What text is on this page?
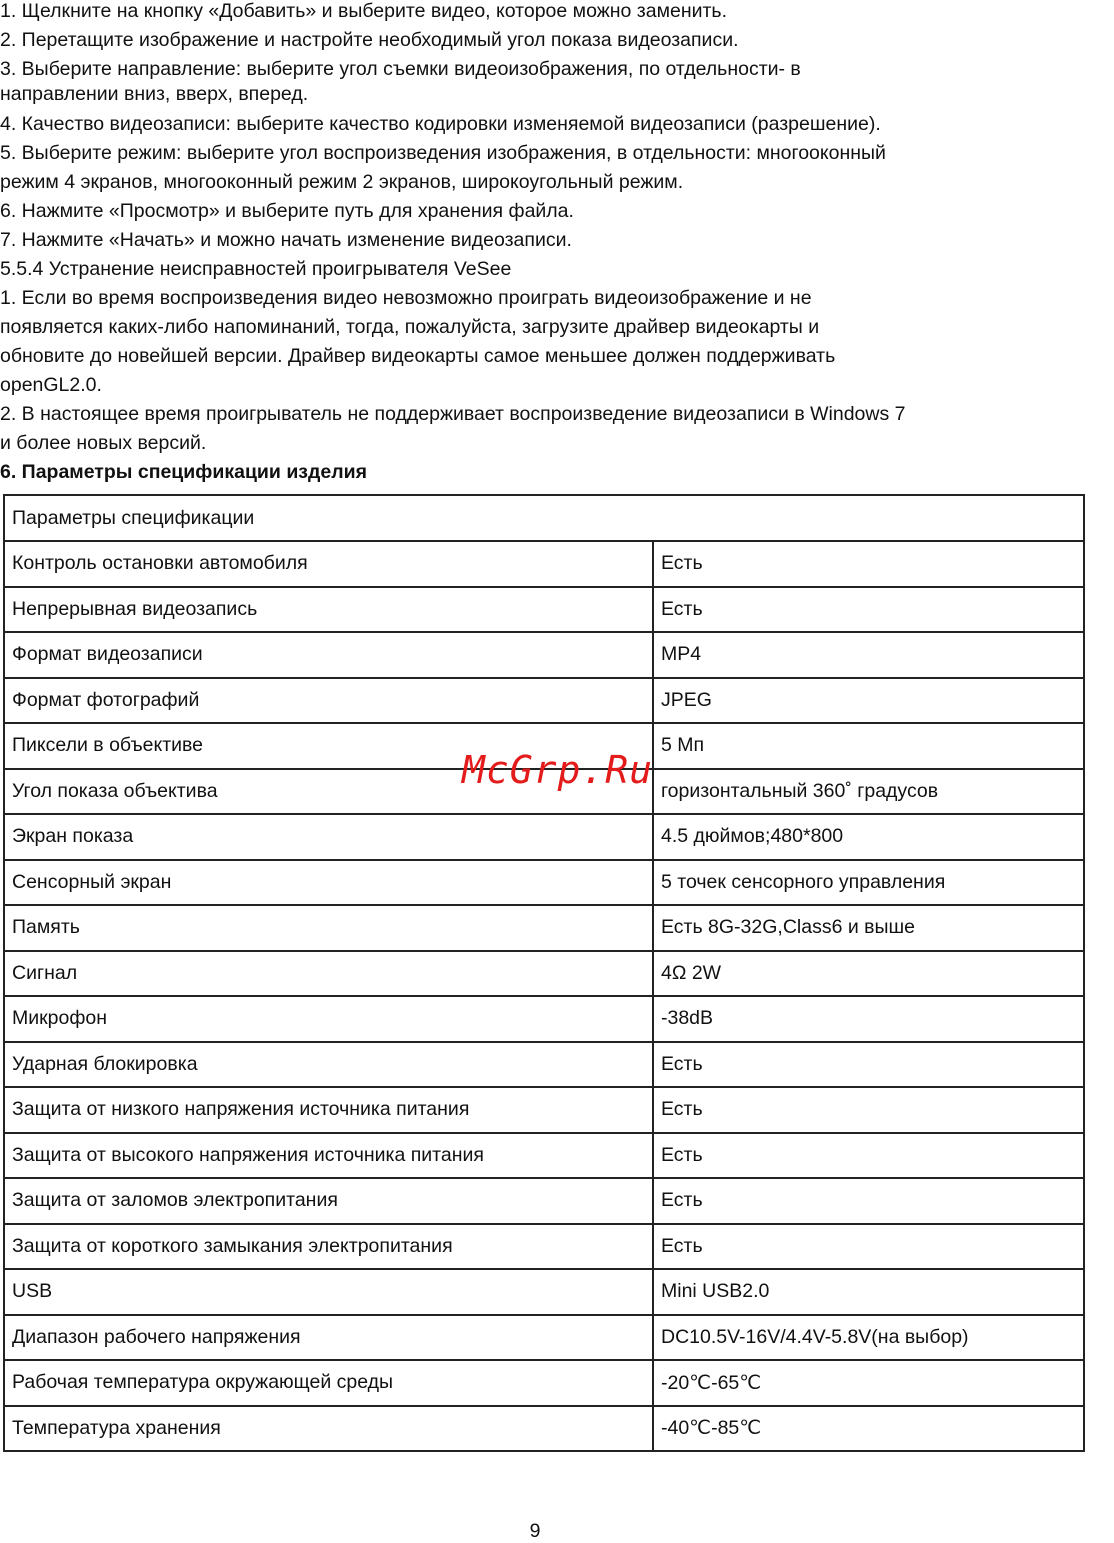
1. Щелкните на кнопку «Добавить» и выберите видео, которое можно заменить.

2. Перетащите изображение и настройте необходимый угол показа видеозаписи.

3. Выберите направление: выберите угол съемки видеоизображения, по отдельности- в

направлении вниз, вверх, вперед.

4. Качество видеозаписи: выберите качество кодировки изменяемой видеозаписи (разрешение).

5. Выберите режим: выберите угол воспроизведения изображения, в отдельности: многооконный

режим 4 экранов, многооконный режим 2 экранов, широкоугольный режим.

6. Нажмите «Просмотр» и выберите путь для хранения файла.

7. Нажмите «Начать» и можно начать изменение видеозаписи.

5.5.4 Устранение неисправностей проигрывателя VeSee

1. Если во время воспроизведения видео невозможно проиграть видеоизображение и не

появляется каких-либо напоминаний, тогда, пожалуйста, загрузите драйвер видеокарты и

обновите до новейшей версии. Драйвер видеокарты самое меньшее должен поддерживать

openGL2.0.

2. В настоящее время проигрыватель не поддерживает воспроизведение видеозаписи в Windows 7

и более новых версий.

6. Параметры спецификации изделия

Параметры спецификации	
Контроль остановки автомобиля	Есть
Непрерывная видеозапись	Есть
Формат видеозаписи	MP4
Формат фотографий	JPEG
Пиксели в объективе	5 Мп
Угол показа объектива	горизонтальный 360˚ градусов
Экран показа	4.5 дюймов;480*800
Сенсорный экран	5 точек сенсорного управления
Память	Есть 8G-32G,Class6 и выше
Сигнал	4Ω 2W
Микрофон	-38dB
Ударная блокировка	Есть
Защита от низкого напряжения источника питания	Есть
Защита от высокого напряжения источника питания	Есть
Защита от заломов электропитания	Есть
Защита от короткого замыкания электропитания	Есть
USB	Mini USB2.0
Диапазон рабочего напряжения	DC10.5V-16V/4.4V-5.8V(на выбор)
Рабочая температура окружающей среды	-20℃-65℃
Температура хранения	-40℃-85℃
McGrp.Ru
9
